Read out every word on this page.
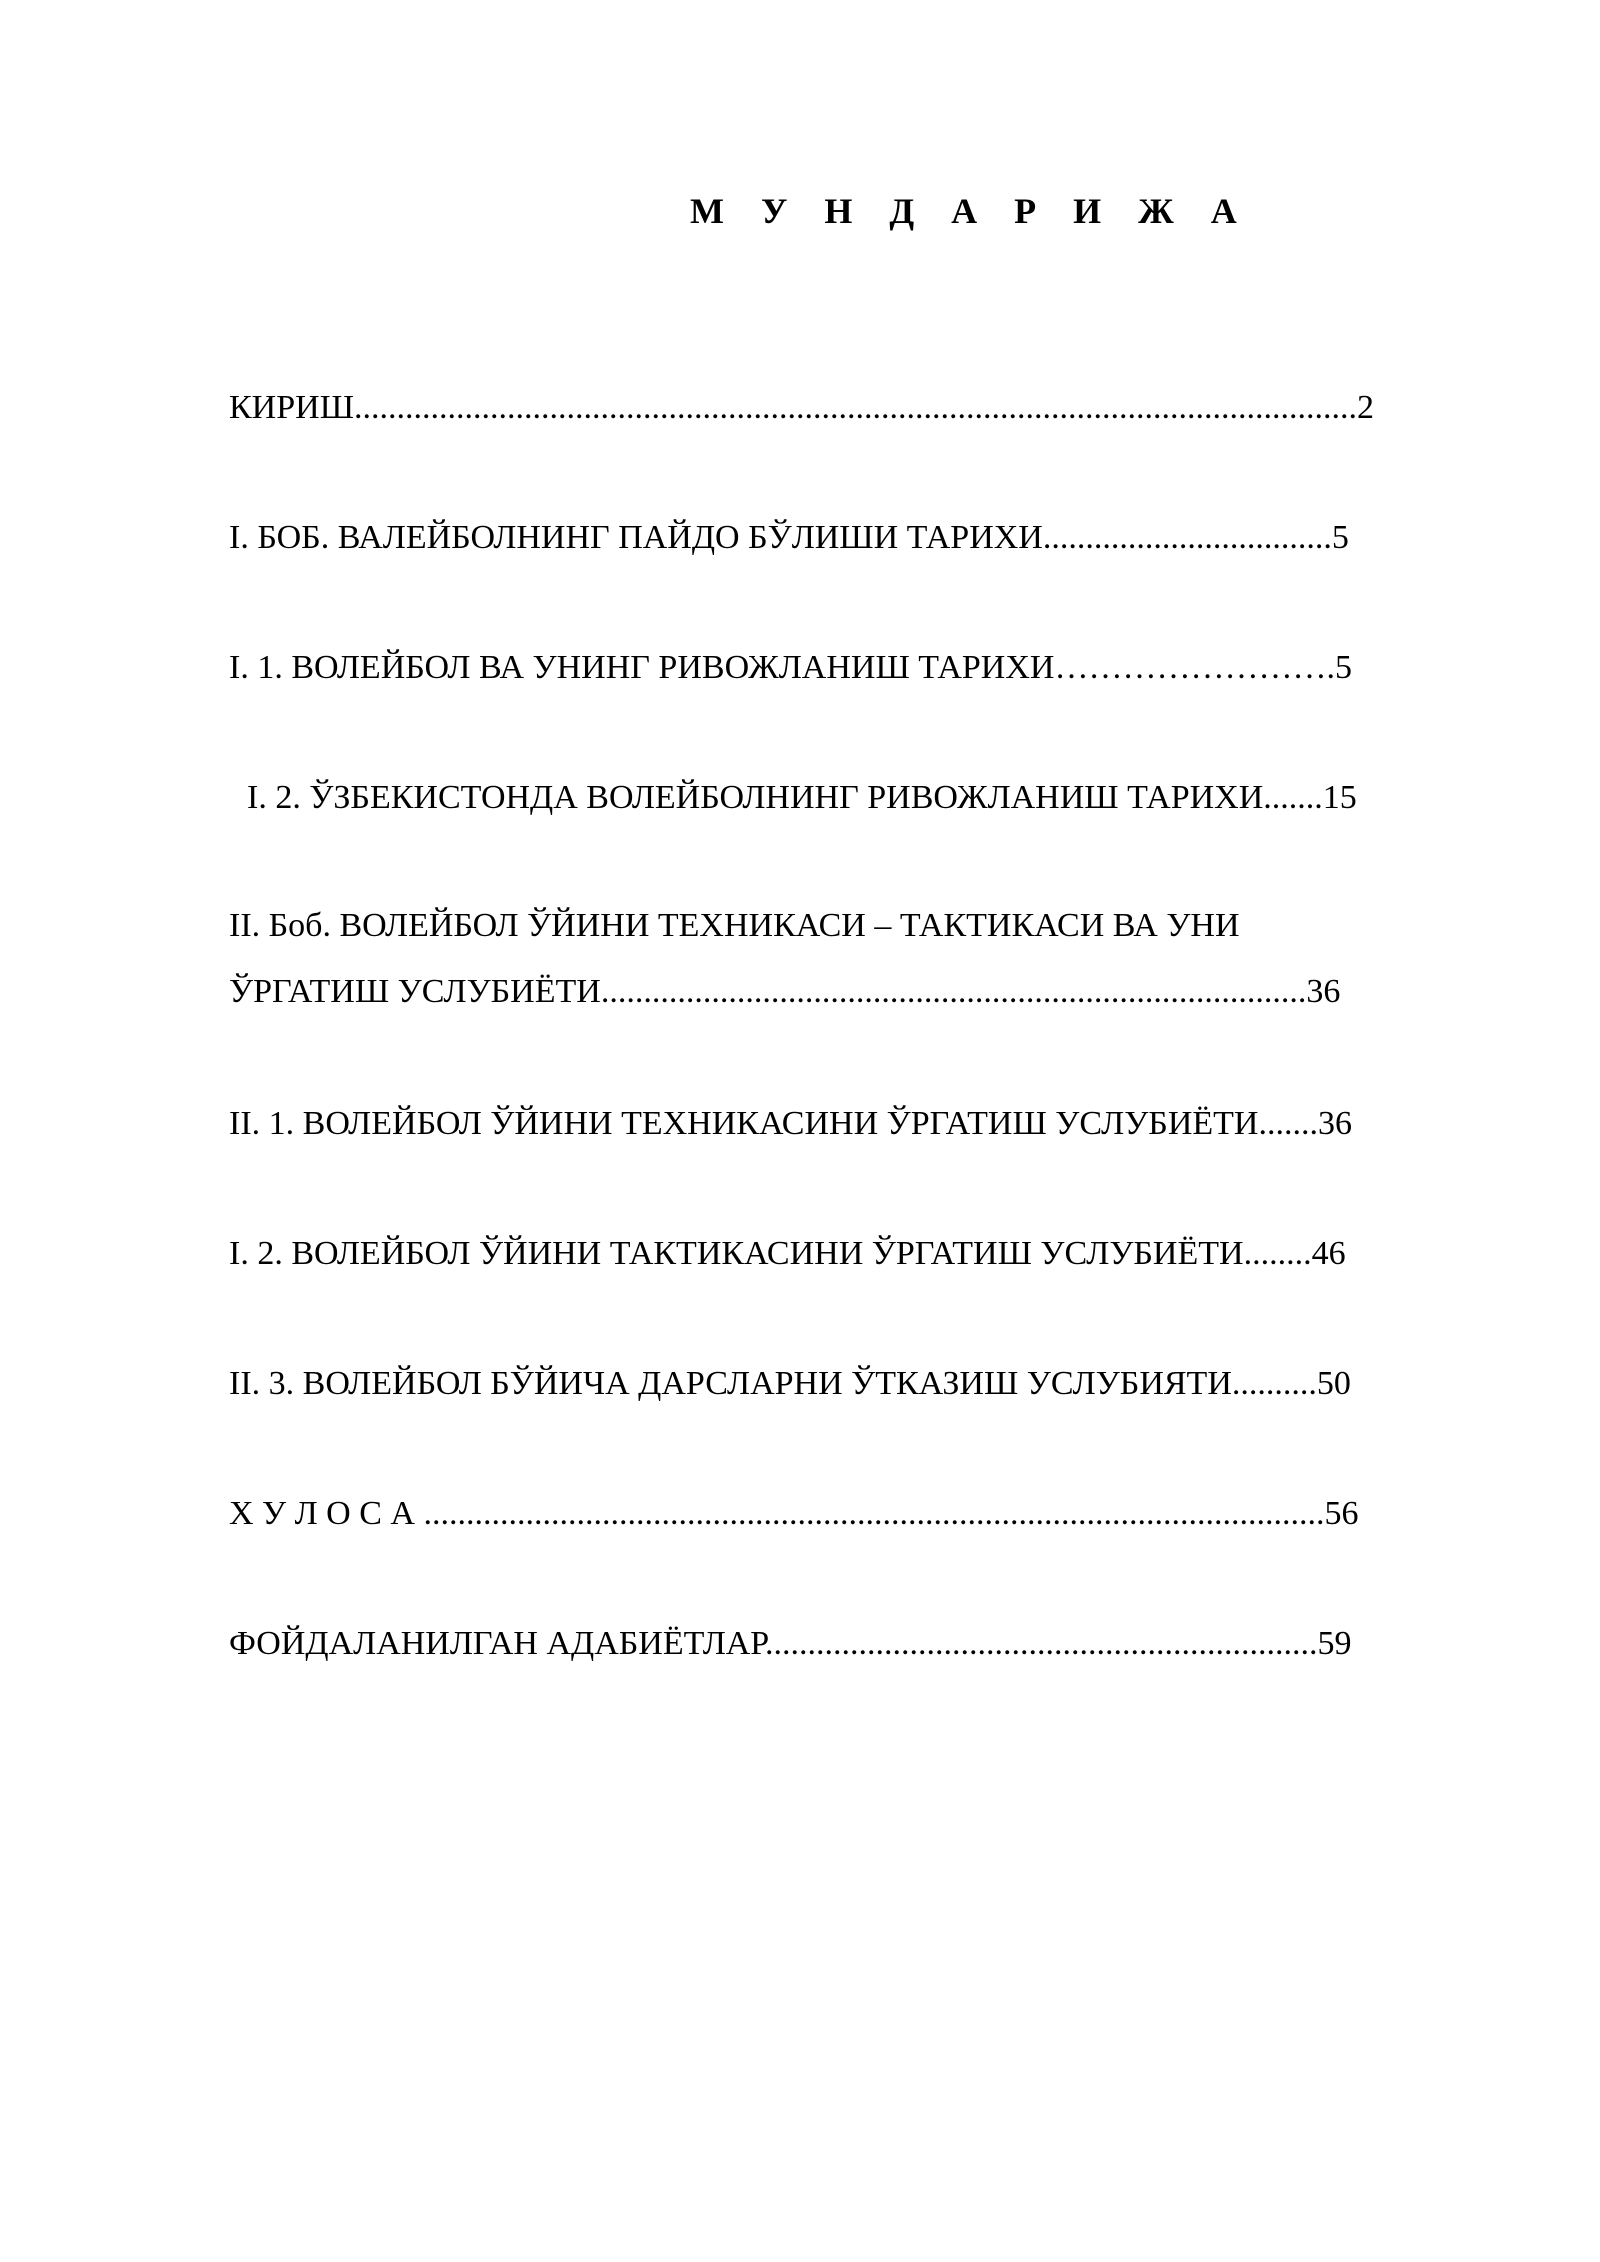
М У Н Д А Р И Ж А
КИРИШ......................................................................................................................2
I. БОБ. ВАЛЕЙБОЛНИНГ ПАЙДО БЎЛИШИ ТАРИХИ..................................5
I. 1. ВОЛЕЙБОЛ ВА УНИНГ РИВОЖЛАНИШ ТАРИХИ…………………….5
I. 2. ЎЗБЕКИСТОНДА ВОЛЕЙБОЛНИНГ РИВОЖЛАНИШ ТАРИХИ.......15
II. Боб. ВОЛЕЙБОЛ ЎЙИНИ ТЕХНИКАСИ – ТАКТИКАСИ ВА УНИ
ЎРГАТИШ УСЛУБИЁТИ...................................................................................36
II. 1. ВОЛЕЙБОЛ ЎЙИНИ ТЕХНИКАСИНИ ЎРГАТИШ УСЛУБИЁТИ.......36
I. 2. ВОЛЕЙБОЛ ЎЙИНИ ТАКТИКАСИНИ ЎРГАТИШ УСЛУБИЁТИ........46
II. 3. ВОЛЕЙБОЛ БЎЙИЧА ДАРСЛАРНИ ЎТКАЗИШ УСЛУБИЯТИ..........50
Х У Л О С А ..........................................................................................................56
ФОЙДАЛАНИЛГАН АДАБИЁТЛАР.................................................................59
